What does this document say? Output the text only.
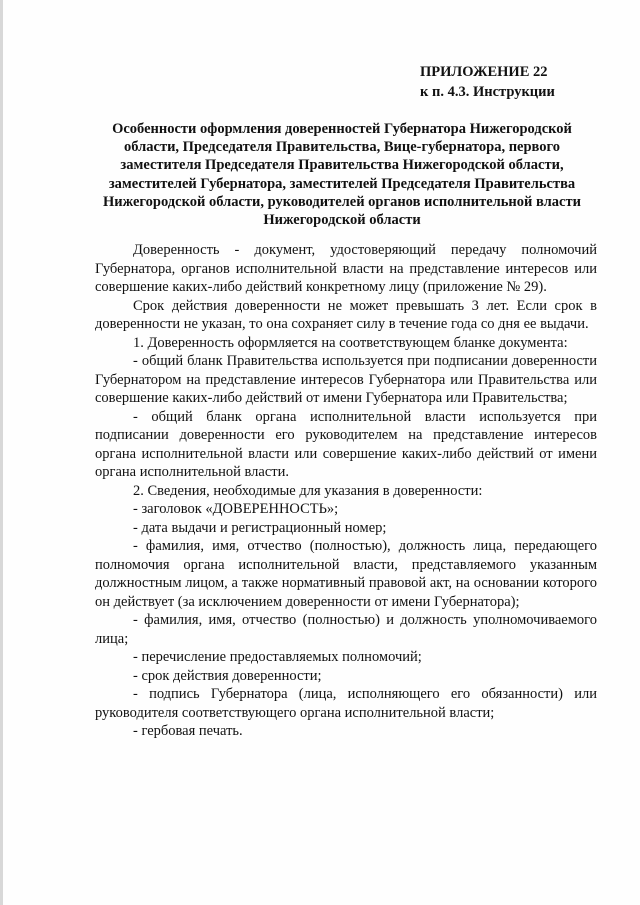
ПРИЛОЖЕНИЕ 22
к п. 4.3. Инструкции
Особенности оформления доверенностей Губернатора Нижегородской области, Председателя Правительства, Вице-губернатора, первого заместителя Председателя Правительства Нижегородской области, заместителей Губернатора, заместителей Председателя Правительства Нижегородской области, руководителей органов исполнительной власти Нижегородской области

Доверенность - документ, удостоверяющий передачу полномочий Губернатора, органов исполнительной власти на представление интересов или совершение каких-либо действий конкретному лицу (приложение № 29).

Срок действия доверенности не может превышать 3 лет. Если срок в доверенности не указан, то она сохраняет силу в течение года со дня ее выдачи.

1. Доверенность оформляется на соответствующем бланке документа:

- общий бланк Правительства используется при подписании доверенности Губернатором на представление интересов Губернатора или Правительства или совершение каких-либо действий от имени Губернатора или Правительства;

- общий бланк органа исполнительной власти используется при подписании доверенности его руководителем на представление интересов органа исполнительной власти или совершение каких-либо действий от имени органа исполнительной власти.

2. Сведения, необходимые для указания в доверенности:

- заголовок «ДОВЕРЕННОСТЬ»;

- дата выдачи и регистрационный номер;

- фамилия, имя, отчество (полностью), должность лица, передающего полномочия органа исполнительной власти, представляемого указанным должностным лицом, а также нормативный правовой акт, на основании которого он действует (за исключением доверенности от имени Губернатора);

- фамилия, имя, отчество (полностью) и должность уполномочиваемого лица;

- перечисление предоставляемых полномочий;

- срок действия доверенности;

- подпись Губернатора (лица, исполняющего его обязанности) или руководителя соответствующего органа исполнительной власти;

- гербовая печать.
